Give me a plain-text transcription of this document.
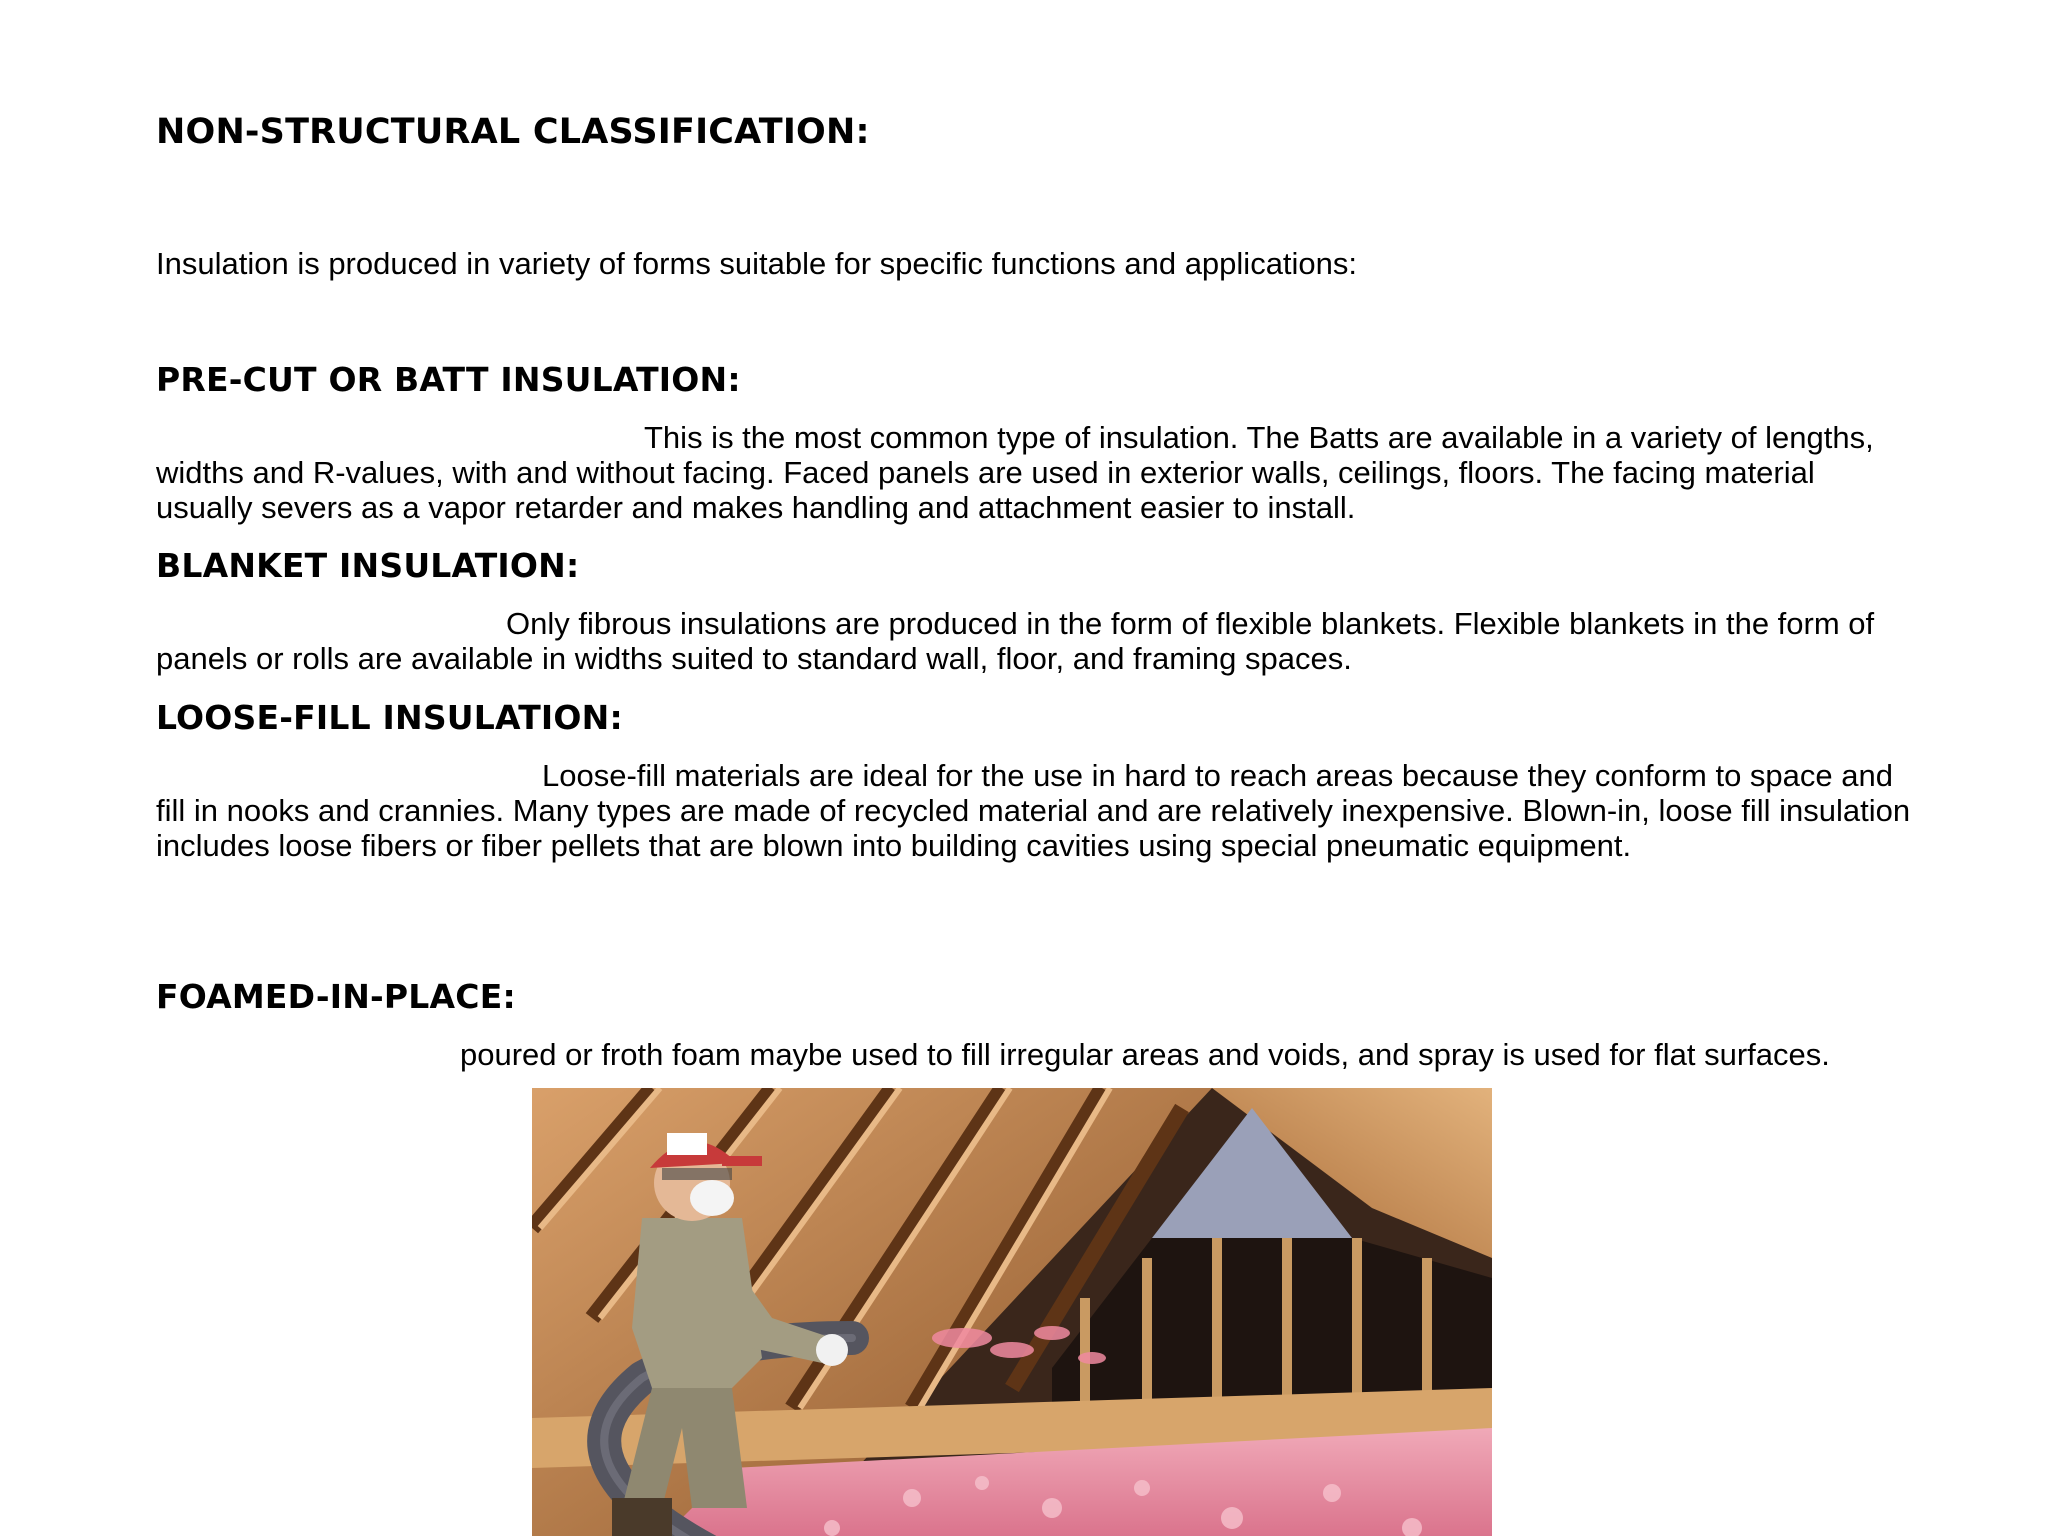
NON-STRUCTURAL CLASSIFICATION:

Insulation is produced in variety of forms suitable for specific functions and applications:

PRE-CUT OR BATT INSULATION:

This is the most common type of insulation. The Batts are available in a variety of lengths, widths and R-values, with and without facing. Faced panels are used in exterior walls, ceilings, floors. The facing material usually severs as a vapor retarder and makes handling and attachment easier to install.

BLANKET INSULATION:

Only fibrous insulations are produced in the form of flexible blankets. Flexible blankets in the form of panels or rolls are available in widths suited to standard wall, floor, and framing spaces.

LOOSE-FILL INSULATION:

Loose-fill materials are ideal for the use in hard to reach areas because they conform to space and fill in nooks and crannies. Many types are made of recycled material and are relatively inexpensive. Blown-in, loose fill insulation includes loose fibers or fiber pellets that are blown into building cavities using special pneumatic equipment.

FOAMED-IN-PLACE:

poured or froth foam maybe used to fill irregular areas and voids, and spray is used for flat surfaces.
